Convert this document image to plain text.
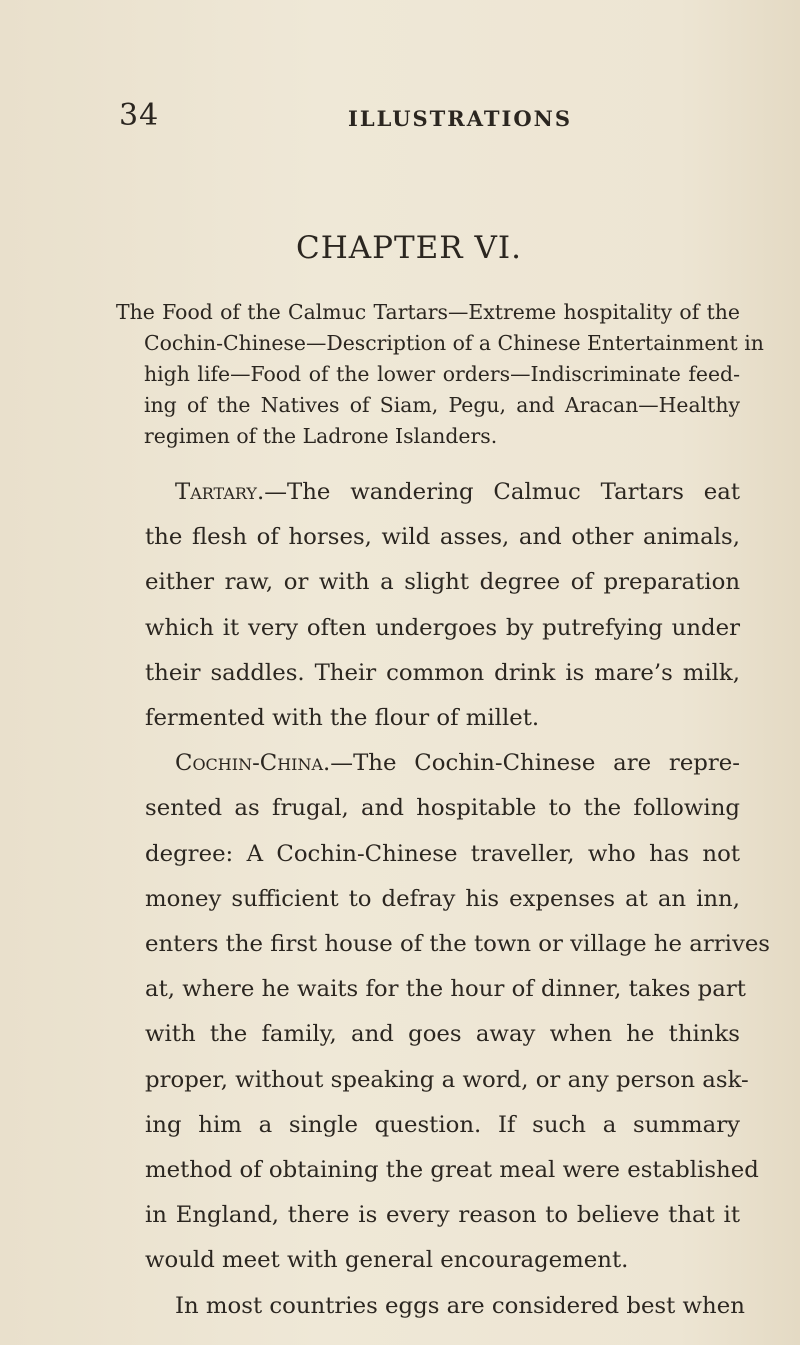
34	ILLUSTRATIONS
CHAPTER VI.
The Food of the Calmuc Tartars—Extreme hospitality of the
Cochin-Chinese—Description of a Chinese Entertainment in
high life—Food of the lower orders—Indiscriminate feed-
ing of the Natives of Siam, Pegu, and Aracan—Healthy
regimen of the Ladrone Islanders.
Tartary.—The wandering Calmuc Tartars eat
the flesh of horses, wild asses, and other animals,
either raw, or with a slight degree of preparation
which it very often undergoes by putrefying under
their saddles. Their common drink is mare’s milk,
fermented with the flour of millet.
Cochin-China.—The Cochin-Chinese are repre-
sented as frugal, and hospitable to the following
degree: A Cochin-Chinese traveller, who has not
money sufficient to defray his expenses at an inn,
enters the first house of the town or village he arrives
at, where he waits for the hour of dinner, takes part
with the family, and goes away when he thinks
proper, without speaking a word, or any person ask-
ing him a single question. If such a summary
method of obtaining the great meal were established
in England, there is every reason to believe that it
would meet with general encouragement.
In most countries eggs are considered best when
